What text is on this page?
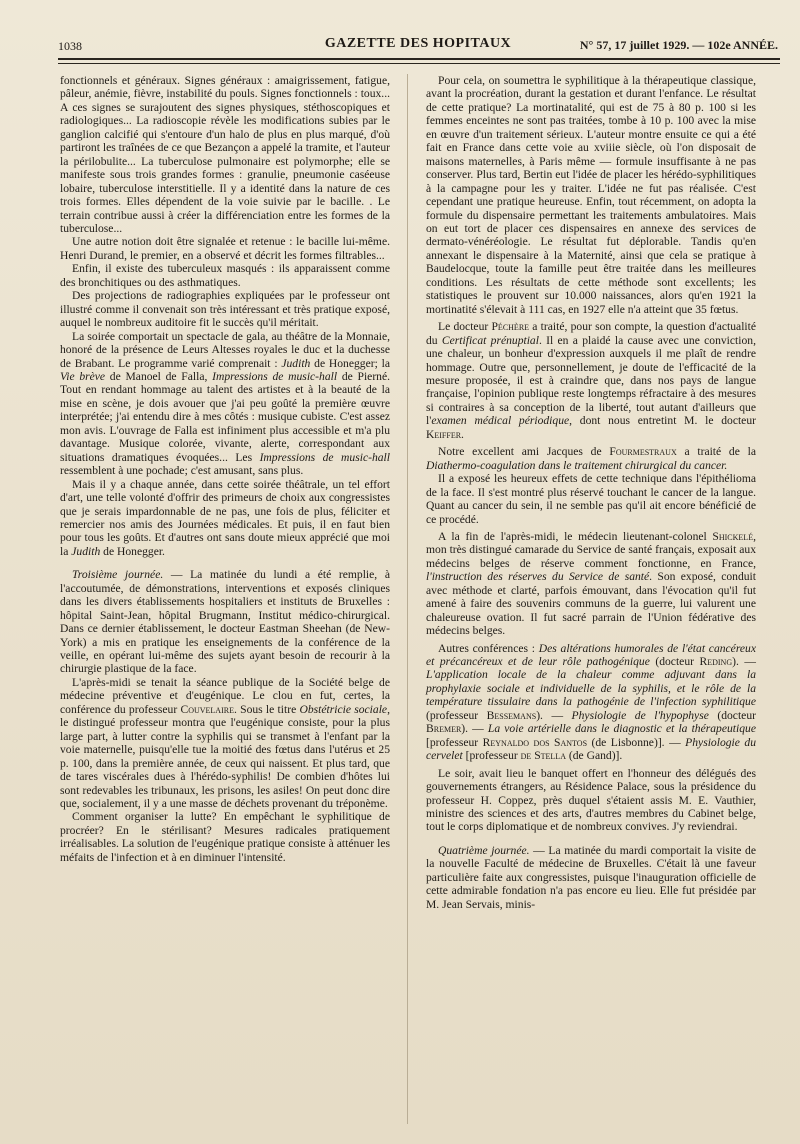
1038	GAZETTE DES HOPITAUX	N° 57, 17 juillet 1929. — 102e ANNÉE.

fonctionnels et généraux. Signes généraux : amaigrissement, fatigue, pâleur, anémie, fièvre, instabilité du pouls. Signes fonctionnels : toux... A ces signes se surajoutent des signes physiques, stéthoscopiques et radiologiques... La radioscopie révèle les modifications subies par le ganglion calcifié qui s'entoure d'un halo de plus en plus marqué, d'où partiront les traînées de ce que Bezançon a appelé la tramite, et l'auteur la périlobulite... La tuberculose pulmonaire est polymorphe; elle se manifeste sous trois grandes formes : granulie, pneumonie caséeuse lobaire, tuberculose interstitielle. Il y a identité dans la nature de ces trois formes. Elles dépendent de la voie suivie par le bacille. . Le terrain contribue aussi à créer la différenciation entre les formes de la tuberculose...

Une autre notion doit être signalée et retenue : le bacille lui-même. Henri Durand, le premier, en a observé et décrit les formes filtrables...

Enfin, il existe des tuberculeux masqués : ils apparaissent comme des bronchitiques ou des asthmatiques.

Des projections de radiographies expliquées par le professeur ont illustré comme il convenait son très intéressant et très pratique exposé, auquel le nombreux auditoire fit le succès qu'il méritait.

La soirée comportait un spectacle de gala, au théâtre de la Monnaie, honoré de la présence de Leurs Altesses royales le duc et la duchesse de Brabant. Le programme varié comprenait : Judith de Honegger; la Vie brève de Manoel de Falla, Impressions de music-hall de Pierné. Tout en rendant hommage au talent des artistes et à la beauté de la mise en scène, je dois avouer que j'ai peu goûté la première œuvre interprétée; j'ai entendu dire à mes côtés : musique cubiste. C'est assez mon avis. L'ouvrage de Falla est infiniment plus accessible et m'a plu davantage. Musique colorée, vivante, alerte, correspondant aux situations dramatiques évoquées... Les Impressions de music-hall ressemblent à une pochade; c'est amusant, sans plus.

Mais il y a chaque année, dans cette soirée théâtrale, un tel effort d'art, une telle volonté d'offrir des primeurs de choix aux congressistes que je serais impardonnable de ne pas, une fois de plus, féliciter et remercier nos amis des Journées médicales. Et puis, il en faut bien pour tous les goûts. Et d'autres ont sans doute mieux apprécié que moi la Judith de Honegger.

Troisième journée. — La matinée du lundi a été remplie, à l'accoutumée, de démonstrations, interventions et exposés cliniques dans les divers établissements hospitaliers et instituts de Bruxelles : hôpital Saint-Jean, hôpital Brugmann, Institut médico-chirurgical. Dans ce dernier établissement, le docteur Eastman Sheehan (de New-York) a mis en pratique les enseignements de la conférence de la veille, en opérant lui-même des sujets ayant besoin de recourir à la chirurgie plastique de la face.

L'après-midi se tenait la séance publique de la Société belge de médecine préventive et d'eugénique. Le clou en fut, certes, la conférence du professeur Couvelaire. Sous le titre Obstétricie sociale, le distingué professeur montra que l'eugénique consiste, pour la plus large part, à lutter contre la syphilis qui se transmet à l'enfant par la voie maternelle, puisqu'elle tue la moitié des fœtus dans l'utérus et 25 p. 100, dans la première année, de ceux qui naissent. Et plus tard, que de tares viscérales dues à l'hérédo-syphilis! De combien d'hôtes lui sont redevables les tribunaux, les prisons, les asiles! On peut donc dire que, socialement, il y a une masse de déchets provenant du tréponème.

Comment organiser la lutte? En empêchant le syphilitique de procréer? En le stérilisant? Mesures radicales pratiquement irréalisables. La solution de l'eugénique pratique consiste à atténuer les méfaits de l'infection et à en diminuer l'intensité.

Pour cela, on soumettra le syphilitique à la thérapeutique classique, avant la procréation, durant la gestation et durant l'enfance. Le résultat de cette pratique? La mortinatalité, qui est de 75 à 80 p. 100 si les femmes enceintes ne sont pas traitées, tombe à 10 p. 100 avec la mise en œuvre d'un traitement sérieux. L'auteur montre ensuite ce qui a été fait en France dans cette voie au xviiie siècle, où l'on disposait de maisons maternelles, à Paris même — formule insuffisante à ne pas conserver. Plus tard, Bertin eut l'idée de placer les hérédo-syphilitiques à la campagne pour les y traiter. L'idée ne fut pas réalisée. C'est cependant une pratique heureuse. Enfin, tout récemment, on adopta la formule du dispensaire permettant les traitements ambulatoires. Mais on eut tort de placer ces dispensaires en annexe des services de dermato-vénéréologie. Le résultat fut déplorable. Tandis qu'en annexant le dispensaire à la Maternité, ainsi que cela se pratique à Baudelocque, toute la famille peut être traitée dans les meilleures conditions. Les résultats de cette méthode sont excellents; les statistiques le prouvent sur 10.000 naissances, alors qu'en 1921 la mortinatité s'élevait à 111 cas, en 1927 elle n'a atteint que 35 fœtus.

Le docteur Péchère a traité, pour son compte, la question d'actualité du Certificat prénuptial. Il en a plaidé la cause avec une conviction, une chaleur, un bonheur d'expression auxquels il me plaît de rendre hommage. Outre que, personnellement, je doute de l'efficacité de la mesure proposée, il est à craindre que, dans nos pays de langue française, l'opinion publique reste longtemps réfractaire à des mesures si contraires à sa conception de la liberté, tout autant d'ailleurs que l'examen médical périodique, dont nous entretint M. le docteur Keiffer.

Notre excellent ami Jacques de Fourmestraux a traité de la Diathermo-coagulation dans le traitement chirurgical du cancer.

Il a exposé les heureux effets de cette technique dans l'épithélioma de la face. Il s'est montré plus réservé touchant le cancer de la langue. Quant au cancer du sein, il ne semble pas qu'il ait encore bénéficié de ce procédé.

A la fin de l'après-midi, le médecin lieutenant-colonel Shickelé, mon très distingué camarade du Service de santé français, exposait aux médecins belges de réserve comment fonctionne, en France, l'instruction des réserves du Service de santé. Son exposé, conduit avec méthode et clarté, parfois émouvant, dans l'évocation qu'il fut amené à faire des souvenirs communs de la guerre, lui valurent une chaleureuse ovation. Il fut sacré parrain de l'Union fédérative des médecins belges.

Autres conférences : Des altérations humorales de l'état cancéreux et précancéreux et de leur rôle pathogénique (docteur Reding). — L'application locale de la chaleur comme adjuvant dans la prophylaxie sociale et individuelle de la syphilis, et le rôle de la température tissulaire dans la pathogénie de l'infection syphilitique (professeur Bessemans). — Physiologie de l'hypophyse (docteur Bremer). — La voie artérielle dans le diagnostic et la thérapeutique [professeur Reynaldo dos Santos (de Lisbonne)]. — Physiologie du cervelet [professeur de Stella (de Gand)].

Le soir, avait lieu le banquet offert en l'honneur des délégués des gouvernements étrangers, au Résidence Palace, sous la présidence du professeur H. Coppez, près duquel s'étaient assis M. E. Vauthier, ministre des sciences et des arts, d'autres membres du Cabinet belge, tout le corps diplomatique et de nombreux convives. J'y reviendrai.

Quatrième journée. — La matinée du mardi comportait la visite de la nouvelle Faculté de médecine de Bruxelles. C'était là une faveur particulière faite aux congressistes, puisque l'inauguration officielle de cette admirable fondation n'a pas encore eu lieu. Elle fut présidée par M. Jean Servais, minis-
